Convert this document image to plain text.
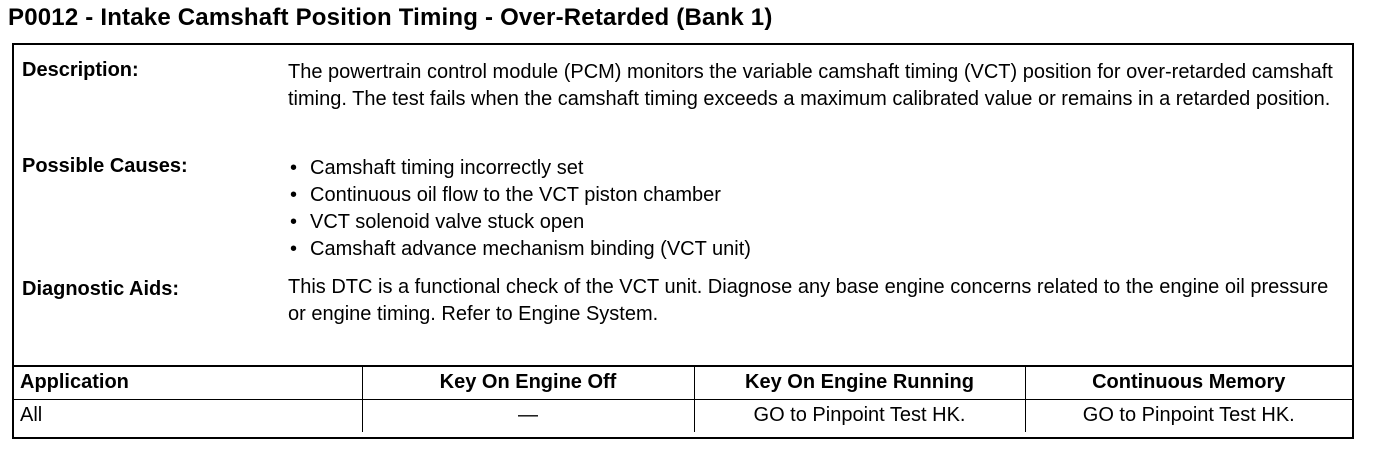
P0012 - Intake Camshaft Position Timing - Over-Retarded (Bank 1)
Description:	The powertrain control module (PCM) monitors the variable camshaft timing (VCT) position for over-retarded camshaft timing. The test fails when the camshaft timing exceeds a maximum calibrated value or remains in a retarded position.

Possible Causes:	• Camshaft timing incorrectly set
• Continuous oil flow to the VCT piston chamber
• VCT solenoid valve stuck open
• Camshaft advance mechanism binding (VCT unit)
Diagnostic Aids:	This DTC is a functional check of the VCT unit. Diagnose any base engine concerns related to the engine oil pressure or engine timing. Refer to Engine System.

Application	Key On Engine Off	Key On Engine Running	Continuous Memory
All	—	GO to Pinpoint Test HK.	GO to Pinpoint Test HK.
